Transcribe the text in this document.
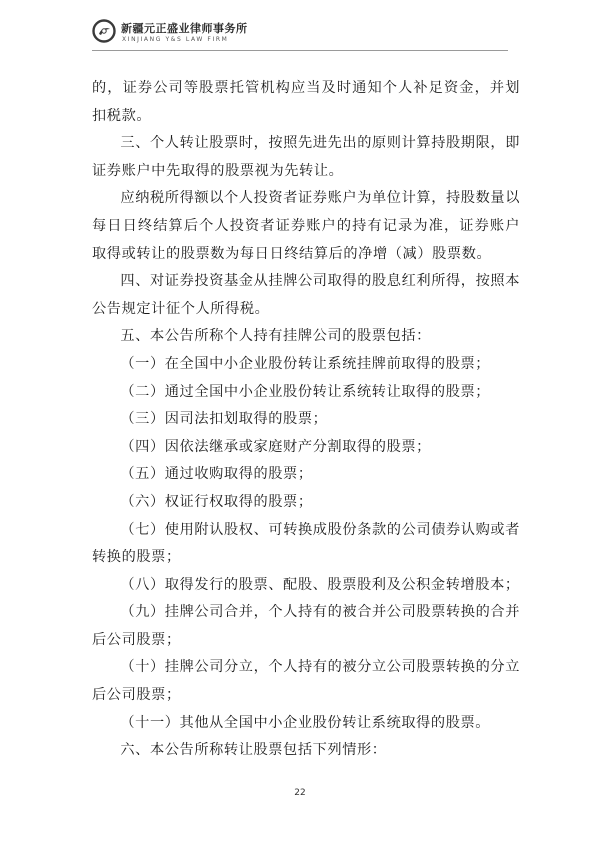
新疆元正盛业律师事务所
XINJIANG Y&S LAW FIRM

的，证券公司等股票托管机构应当及时通知个人补足资金，并划扣税款。

三、个人转让股票时，按照先进先出的原则计算持股期限，即证券账户中先取得的股票视为先转让。

应纳税所得额以个人投资者证券账户为单位计算，持股数量以每日日终结算后个人投资者证券账户的持有记录为准，证券账户取得或转让的股票数为每日日终结算后的净增（减）股票数。

四、对证券投资基金从挂牌公司取得的股息红利所得，按照本公告规定计征个人所得税。

五、本公告所称个人持有挂牌公司的股票包括：

（一）在全国中小企业股份转让系统挂牌前取得的股票；

（二）通过全国中小企业股份转让系统转让取得的股票；

（三）因司法扣划取得的股票；

（四）因依法继承或家庭财产分割取得的股票；

（五）通过收购取得的股票；

（六）权证行权取得的股票；

（七）使用附认股权、可转换成股份条款的公司债券认购或者转换的股票；

（八）取得发行的股票、配股、股票股利及公积金转增股本；

（九）挂牌公司合并，个人持有的被合并公司股票转换的合并后公司股票；

（十）挂牌公司分立，个人持有的被分立公司股票转换的分立后公司股票；

（十一）其他从全国中小企业股份转让系统取得的股票。

六、本公告所称转让股票包括下列情形：

22
